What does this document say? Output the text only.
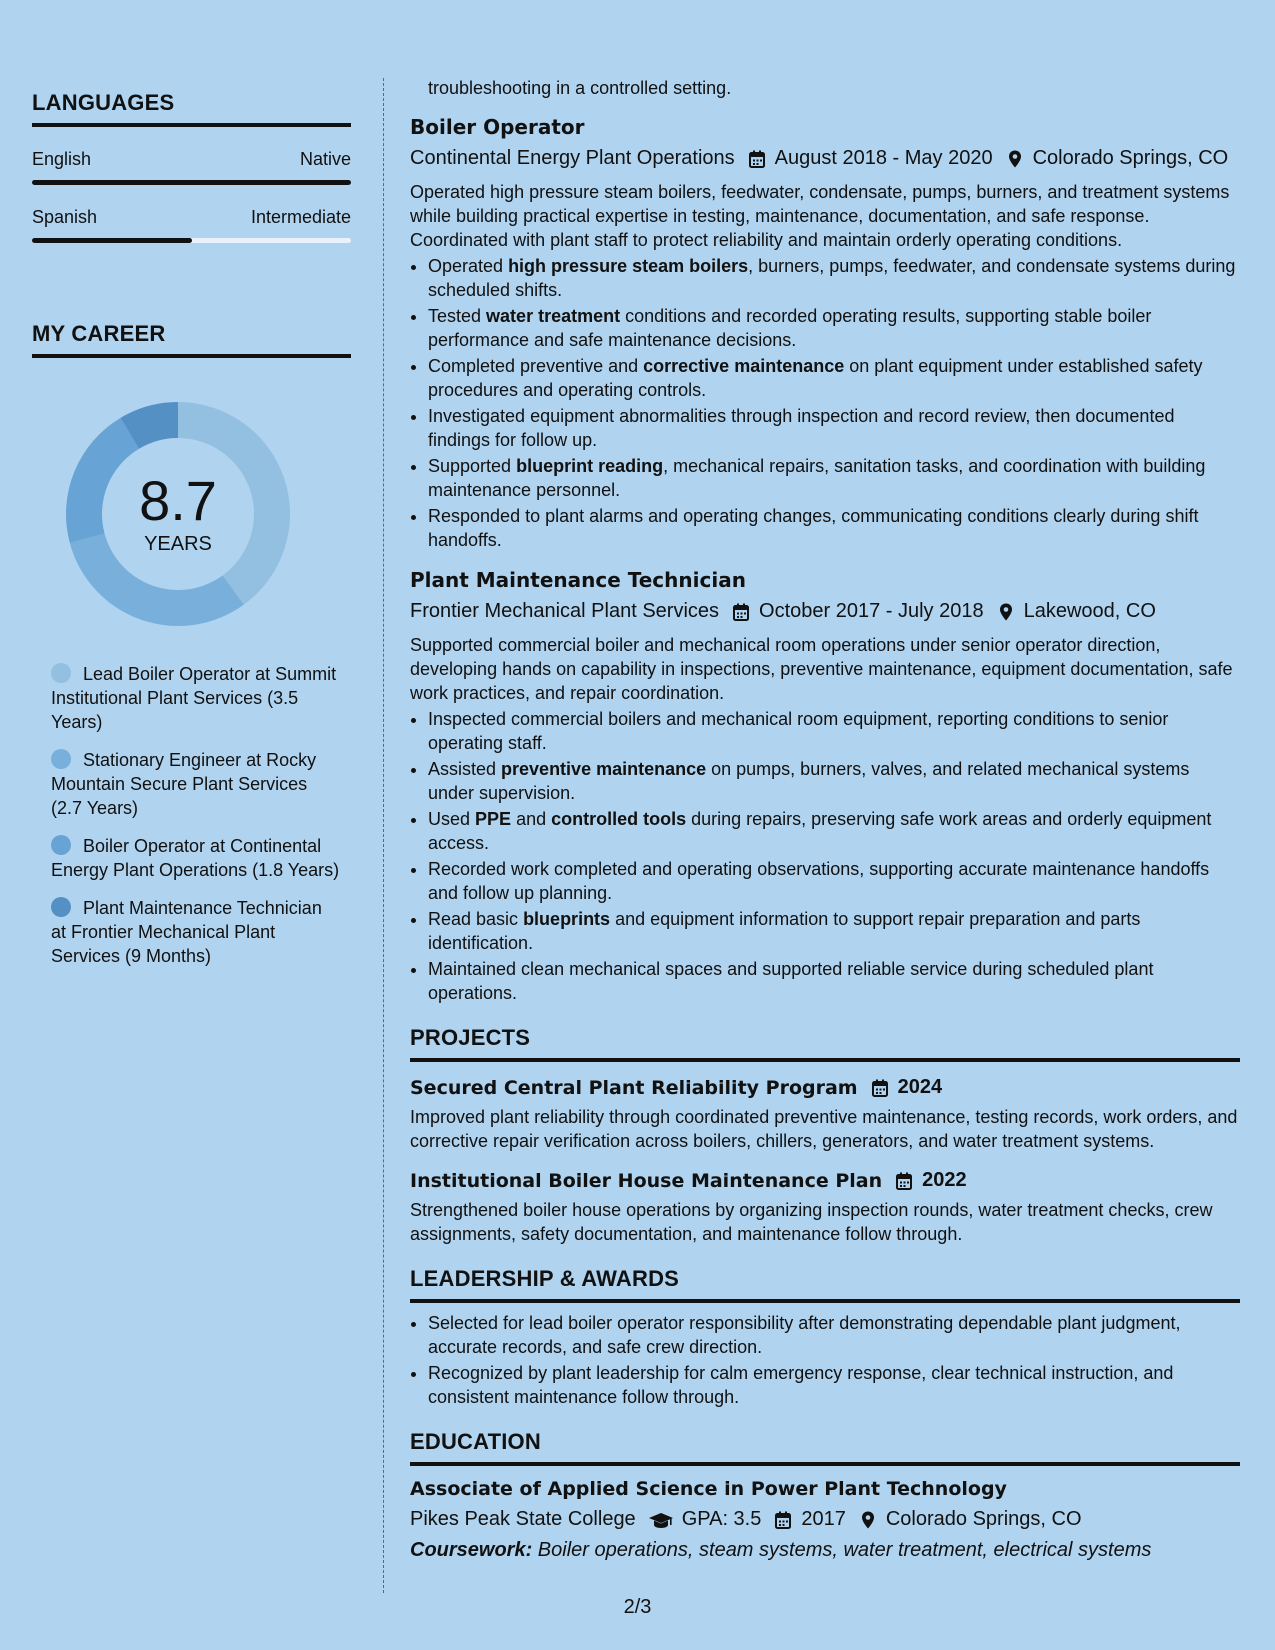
LANGUAGES
English	Native
Spanish	Intermediate
MY CAREER
8.7
YEARS
Lead Boiler Operator at Summit Institutional Plant Services (3.5 Years)
Stationary Engineer at Rocky Mountain Secure Plant Services (2.7 Years)
Boiler Operator at Continental Energy Plant Operations (1.8 Years)
Plant Maintenance Technician at Frontier Mechanical Plant Services (9 Months)

troubleshooting in a controlled setting.

Boiler Operator
Continental Energy Plant Operations August 2018 - May 2020 Colorado Springs, CO
Operated high pressure steam boilers, feedwater, condensate, pumps, burners, and treatment systems while building practical expertise in testing, maintenance, documentation, and safe response. Coordinated with plant staff to protect reliability and maintain orderly operating conditions.
• Operated high pressure steam boilers, burners, pumps, feedwater, and condensate systems during scheduled shifts.
• Tested water treatment conditions and recorded operating results, supporting stable boiler performance and safe maintenance decisions.
• Completed preventive and corrective maintenance on plant equipment under established safety procedures and operating controls.
• Investigated equipment abnormalities through inspection and record review, then documented findings for follow up.
• Supported blueprint reading, mechanical repairs, sanitation tasks, and coordination with building maintenance personnel.
• Responded to plant alarms and operating changes, communicating conditions clearly during shift handoffs.
Plant Maintenance Technician
Frontier Mechanical Plant Services October 2017 - July 2018 Lakewood, CO
Supported commercial boiler and mechanical room operations under senior operator direction, developing hands on capability in inspections, preventive maintenance, equipment documentation, safe work practices, and repair coordination.
• Inspected commercial boilers and mechanical room equipment, reporting conditions to senior operating staff.
• Assisted preventive maintenance on pumps, burners, valves, and related mechanical systems under supervision.
• Used PPE and controlled tools during repairs, preserving safe work areas and orderly equipment access.
• Recorded work completed and operating observations, supporting accurate maintenance handoffs and follow up planning.
• Read basic blueprints and equipment information to support repair preparation and parts identification.
• Maintained clean mechanical spaces and supported reliable service during scheduled plant operations.
PROJECTS
Secured Central Plant Reliability Program 2024
Improved plant reliability through coordinated preventive maintenance, testing records, work orders, and corrective repair verification across boilers, chillers, generators, and water treatment systems.
Institutional Boiler House Maintenance Plan 2022
Strengthened boiler house operations by organizing inspection rounds, water treatment checks, crew assignments, safety documentation, and maintenance follow through.
LEADERSHIP & AWARDS
• Selected for lead boiler operator responsibility after demonstrating dependable plant judgment, accurate records, and safe crew direction.
• Recognized by plant leadership for calm emergency response, clear technical instruction, and consistent maintenance follow through.
EDUCATION
Associate of Applied Science in Power Plant Technology
Pikes Peak State College GPA: 3.5 2017 Colorado Springs, CO
Coursework: Boiler operations, steam systems, water treatment, electrical systems
2/3
